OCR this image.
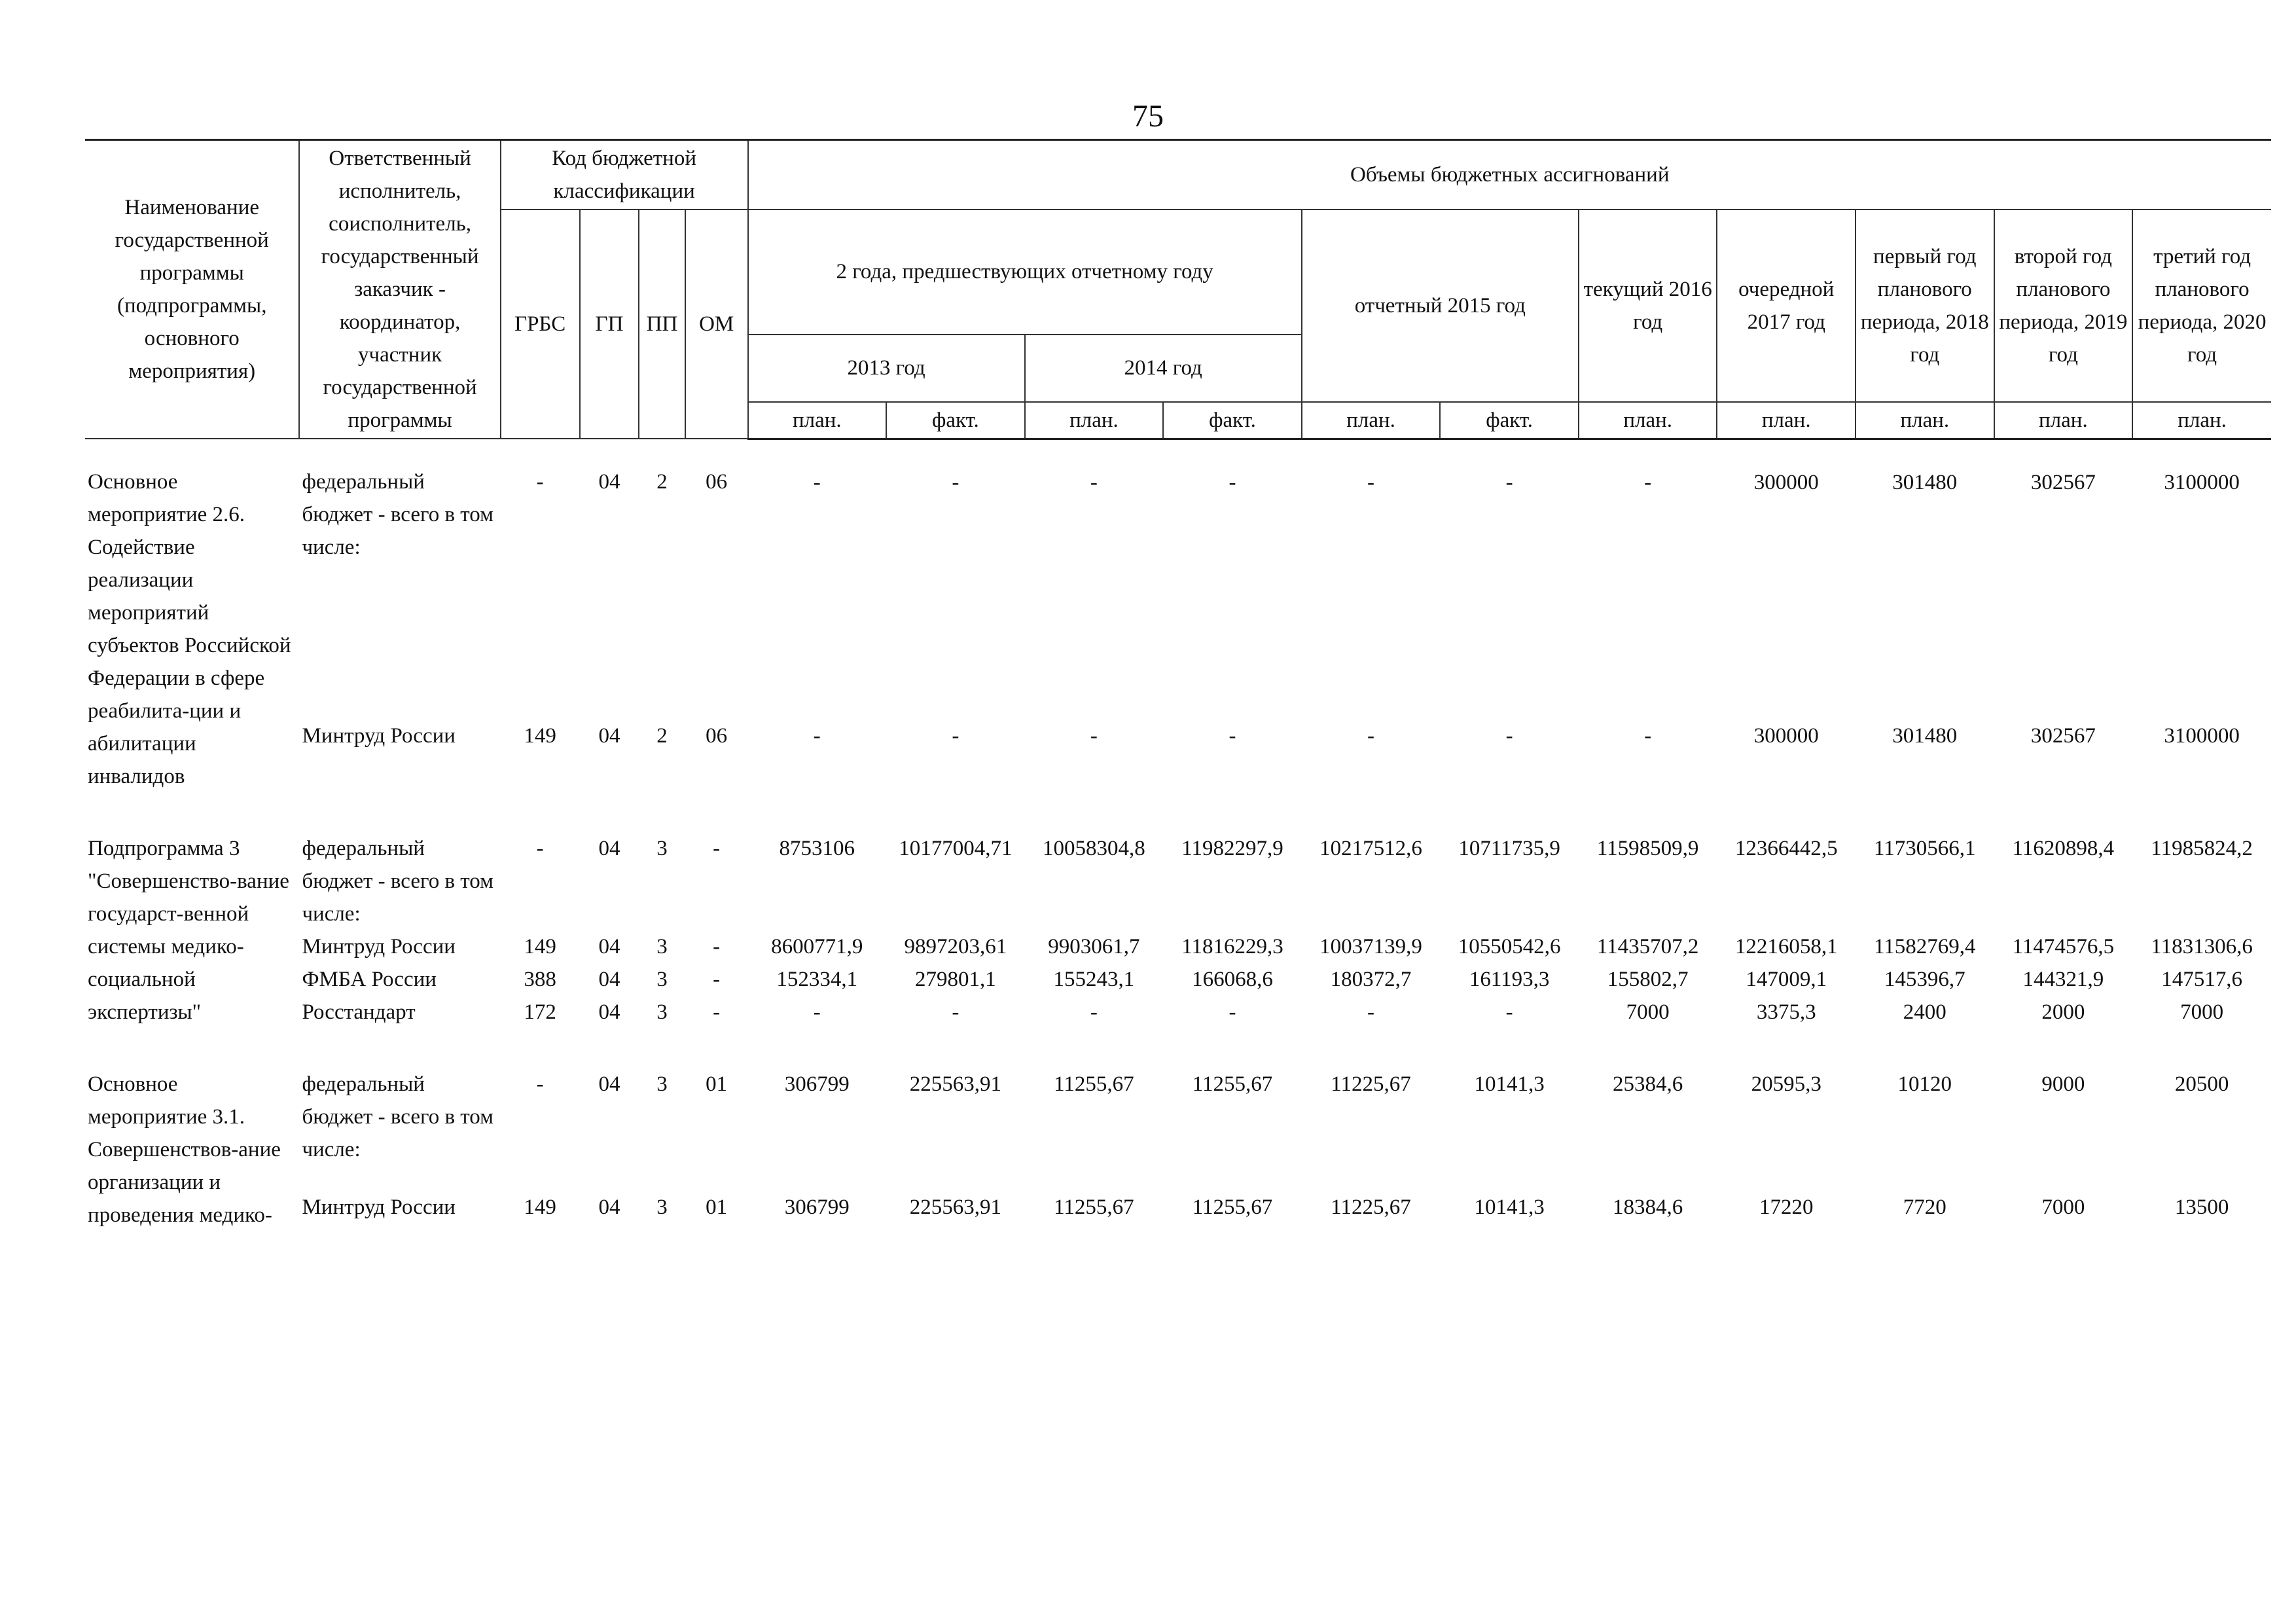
75
Наименование государственной программы (подпрограммы, основного мероприятия)	Ответственный исполнитель, соисполнитель, государственный заказчик - координатор, участник государственной программы	Код бюджетной классификации				Объемы бюджетных ассигнований										
		ГРБС	ГП	ПП	ОМ	2 года, предшествующих отчетному году				отчетный 2015 год		текущий 2016 год	очередной 2017 год	первый год планового периода, 2018 год	второй год планового периода, 2019 год	третий год планового периода, 2020 год
						2013 год		2014 год								
						план.	факт.	план.	факт.	план.	факт.	план.	план.	план.	план.	план.
Основное мероприятие 2.6. Содействие реализации мероприятий субъектов Российской Федерации в сфере реабилита-ции и абилитации инвалидов	федеральный бюджет - всего в том числе:	-	04	2	06	-	-	-	-	-	-	-	300000	301480	302567	3100000
	Минтруд России	149	04	2	06	-	-	-	-	-	-	-	300000	301480	302567	3100000

Подпрограмма 3 "Совершенство-вание государст-венной системы медико-социальной экспертизы"	федеральный бюджет - всего в том числе:	-	04	3	-	8753106	10177004,71	10058304,8	11982297,9	10217512,6	10711735,9	11598509,9	12366442,5	11730566,1	11620898,4	11985824,2
	Минтруд России	149	04	3	-	8600771,9	9897203,61	9903061,7	11816229,3	10037139,9	10550542,6	11435707,2	12216058,1	11582769,4	11474576,5	11831306,6
	ФМБА России	388	04	3	-	152334,1	279801,1	155243,1	166068,6	180372,7	161193,3	155802,7	147009,1	145396,7	144321,9	147517,6
	Росстандарт	172	04	3	-	-	-	-	-	-	-	7000	3375,3	2400	2000	7000

Основное мероприятие 3.1. Совершенствов-ание организации и проведения медико-	федеральный бюджет - всего в том числе:	-	04	3	01	306799	225563,91	11255,67	11255,67	11225,67	10141,3	25384,6	20595,3	10120	9000	20500
	Минтруд России	149	04	3	01	306799	225563,91	11255,67	11255,67	11225,67	10141,3	18384,6	17220	7720	7000	13500
